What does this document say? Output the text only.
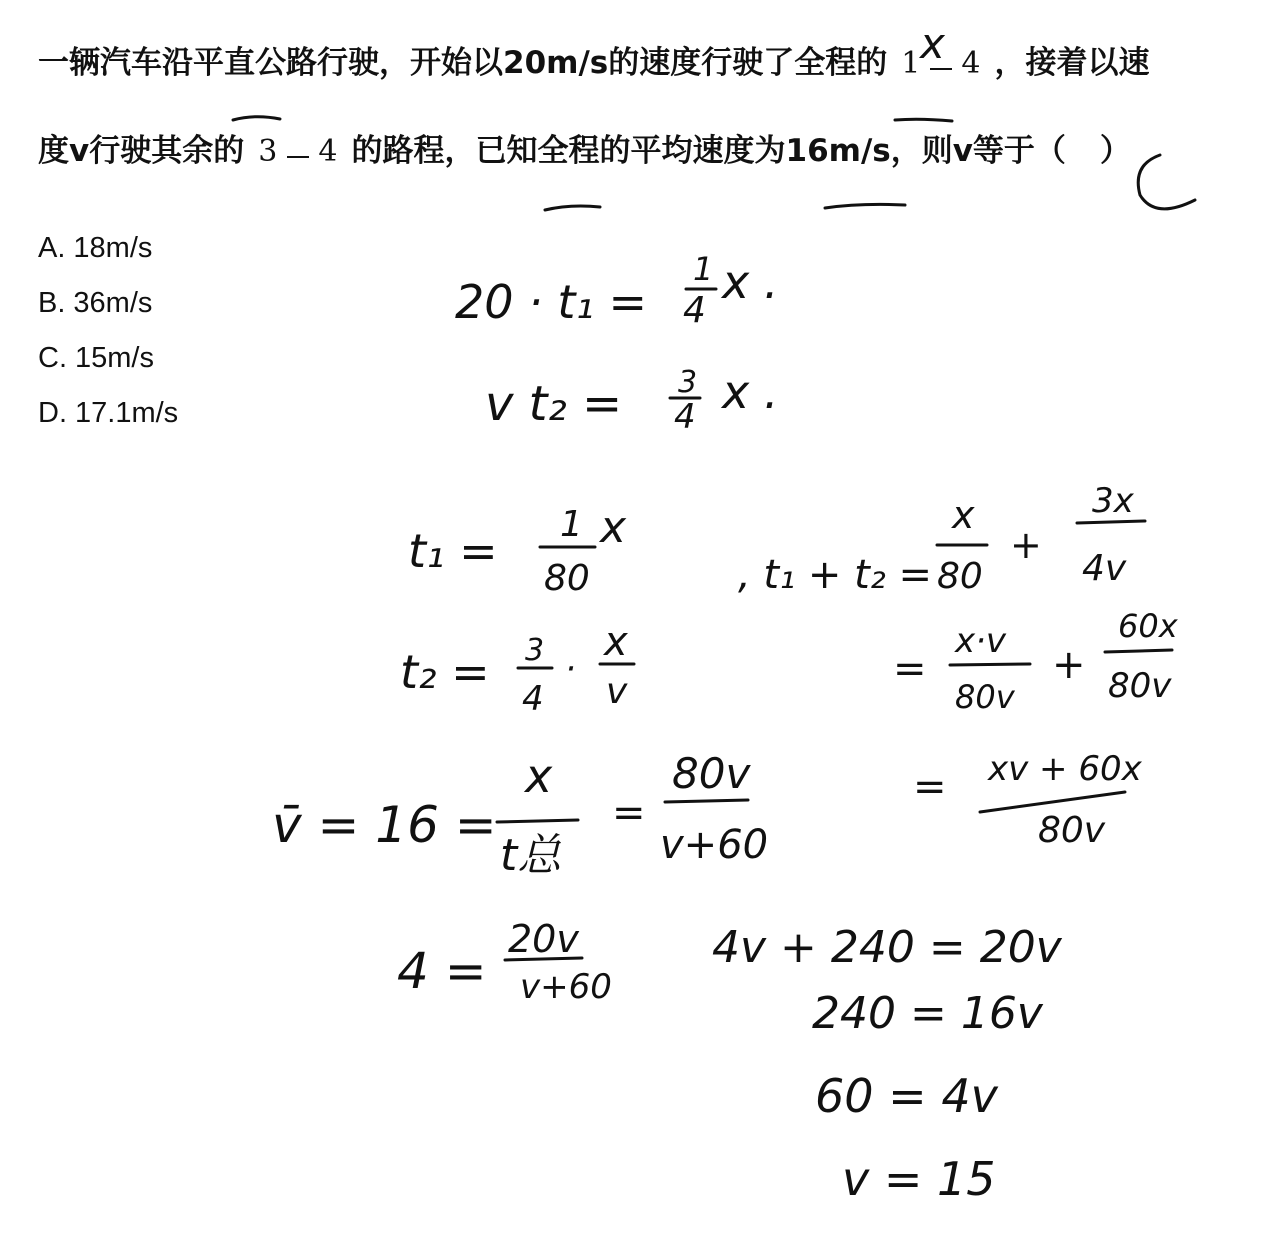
一辆汽车沿平直公路行驶，开始以20m/s的速度行驶了全程的 1 4 ，接着以速
度v行驶其余的 3 4 的路程，已知全程的平均速度为16m/s，则v等于（ ）
A. 18m/s
B. 36m/s
C. 15m/s
D. 17.1m/s
x
20 · t₁ =
1
4
x .
v t₂ = 3
4 x .
t₁ = 1
80
x
t₂ = 3
4
·
x
v
, t₁ + t₂ =
x
80
+
3x
4v
=
x·v
80v
+
60x
80v
= xv + 60x
80v
v̄ = 16 =
x
t总
=
80v
v+60
4 =
20v
v+60
4v + 240 = 20v
240 = 16v
60 = 4v
v = 15
